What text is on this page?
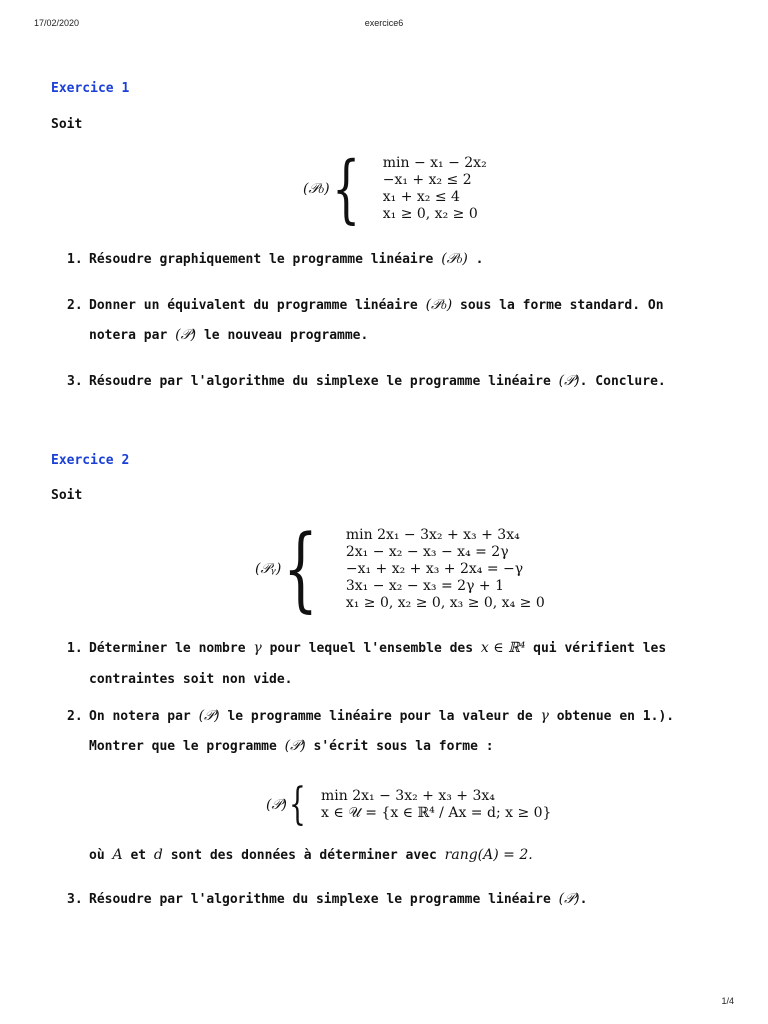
17/02/2020	exercice6
Exercice 1
Soit
(𝒫₀) { min − x₁ − 2x₂
−x₁ + x₂ ≤ 2
x₁ + x₂ ≤ 4
x₁ ≥ 0, x₂ ≥ 0
1. Résoudre graphiquement le programme linéaire (𝒫₀) .
2. Donner un équivalent du programme linéaire (𝒫₀) sous la forme standard. On
notera par (𝒫) le nouveau programme.
3. Résoudre par l'algorithme du simplexe le programme linéaire (𝒫). Conclure.
Exercice 2
Soit
(𝒫ᵧ) { min 2x₁ − 3x₂ + x₃ + 3x₄
2x₁ − x₂ − x₃ − x₄ = 2γ
−x₁ + x₂ + x₃ + 2x₄ = −γ
3x₁ − x₂ − x₃ = 2γ + 1
x₁ ≥ 0, x₂ ≥ 0, x₃ ≥ 0, x₄ ≥ 0
1. Déterminer le nombre γ pour lequel l'ensemble des x ∈ ℝ⁴ qui vérifient les
contraintes soit non vide.
2. On notera par (𝒫) le programme linéaire pour la valeur de γ obtenue en 1.).
Montrer que le programme (𝒫) s'écrit sous la forme :
(𝒫) { min 2x₁ − 3x₂ + x₃ + 3x₄
x ∈ 𝒰 = {x ∈ ℝ⁴ / Ax = d; x ≥ 0}
où A et d sont des données à déterminer avec rang(A) = 2.
3. Résoudre par l'algorithme du simplexe le programme linéaire (𝒫).
1/4
